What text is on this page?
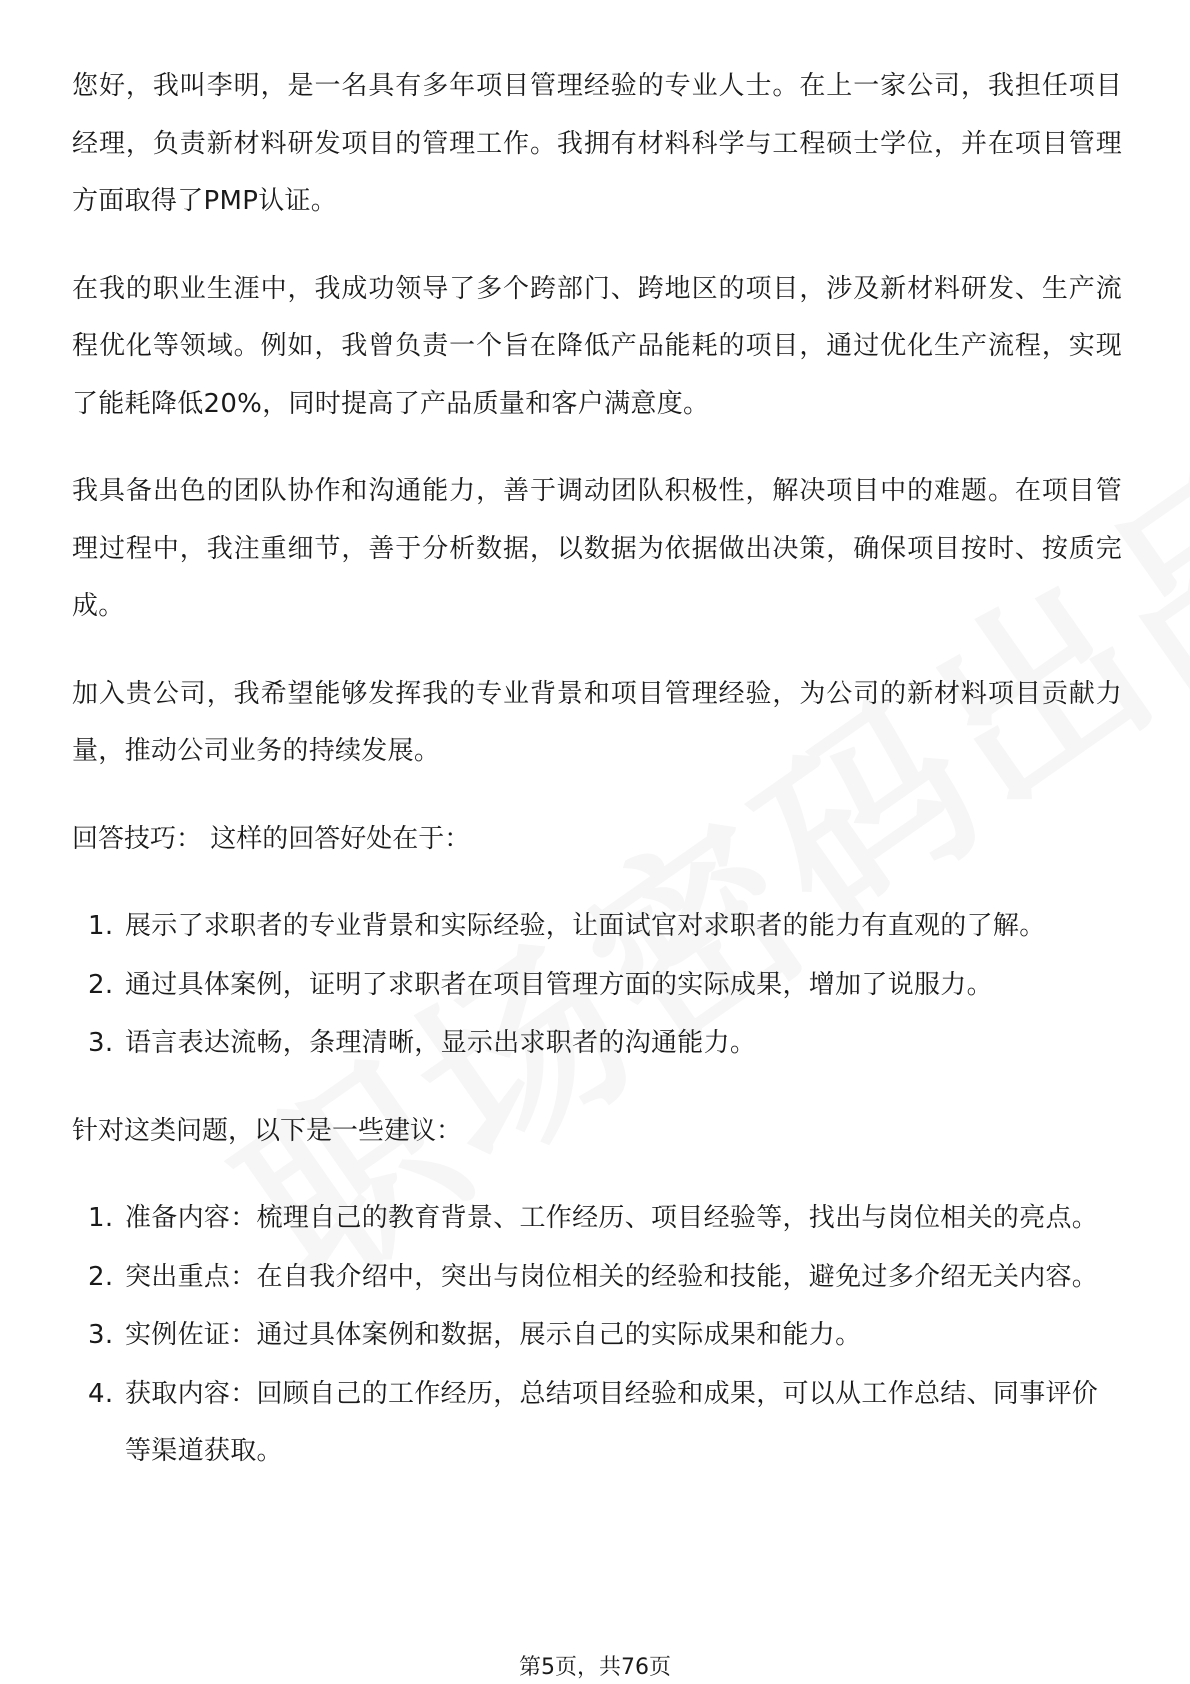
您好，我叫李明，是一名具有多年项目管理经验的专业人士。在上一家公司，我担任项目经理，负责新材料研发项目的管理工作。我拥有材料科学与工程硕士学位，并在项目管理方面取得了PMP认证。

在我的职业生涯中，我成功领导了多个跨部门、跨地区的项目，涉及新材料研发、生产流程优化等领域。例如，我曾负责一个旨在降低产品能耗的项目，通过优化生产流程，实现了能耗降低20%，同时提高了产品质量和客户满意度。

我具备出色的团队协作和沟通能力，善于调动团队积极性，解决项目中的难题。在项目管理过程中，我注重细节，善于分析数据，以数据为依据做出决策，确保项目按时、按质完成。

加入贵公司，我希望能够发挥我的专业背景和项目管理经验，为公司的新材料项目贡献力量，推动公司业务的持续发展。

回答技巧： 这样的回答好处在于：

1. 展示了求职者的专业背景和实际经验，让面试官对求职者的能力有直观的了解。
2. 通过具体案例，证明了求职者在项目管理方面的实际成果，增加了说服力。
3. 语言表达流畅，条理清晰，显示出求职者的沟通能力。

针对这类问题，以下是一些建议：

1. 准备内容：梳理自己的教育背景、工作经历、项目经验等，找出与岗位相关的亮点。
2. 突出重点：在自我介绍中，突出与岗位相关的经验和技能，避免过多介绍无关内容。
3. 实例佐证：通过具体案例和数据，展示自己的实际成果和能力。
4. 获取内容：回顾自己的工作经历，总结项目经验和成果，可以从工作总结、同事评价等渠道获取。
第5页，共76页
